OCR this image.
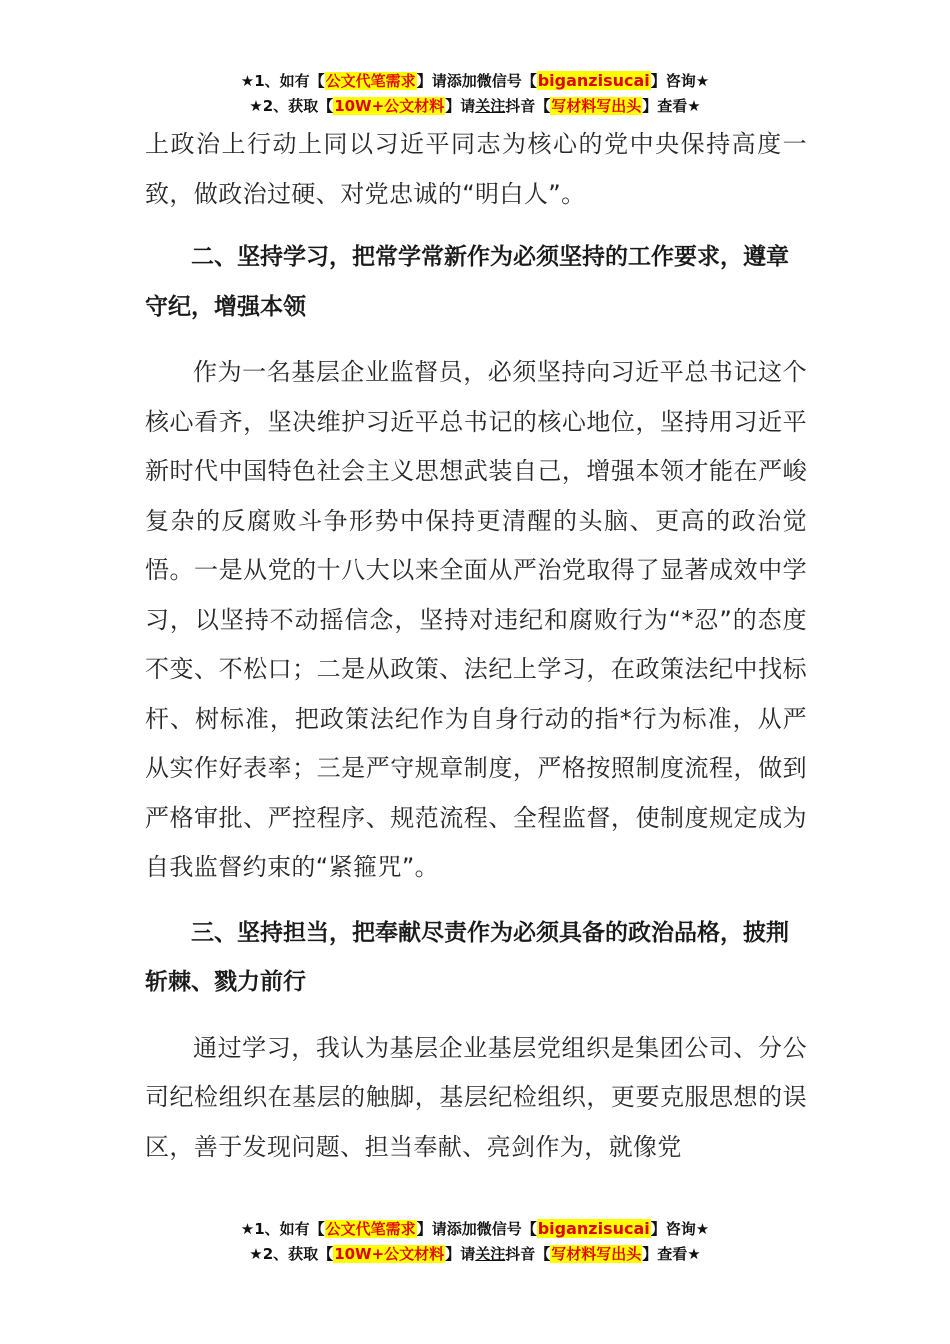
★1、如有【公文代笔需求】请添加微信号【biganzisucai】咨询★
★2、获取【10W+公文材料】请关注抖音【写材料写出头】查看★

上政治上行动上同以习近平同志为核心的党中央保持高度一致，做政治过硬、对党忠诚的“明白人”。

二、坚持学习，把常学常新作为必须坚持的工作要求，遵章守纪，增强本领

作为一名基层企业监督员，必须坚持向习近平总书记这个核心看齐，坚决维护习近平总书记的核心地位，坚持用习近平新时代中国特色社会主义思想武装自己，增强本领才能在严峻复杂的反腐败斗争形势中保持更清醒的头脑、更高的政治觉悟。一是从党的十八大以来全面从严治党取得了显著成效中学习，以坚持不动摇信念，坚持对违纪和腐败行为“*忍”的态度不变、不松口；二是从政策、法纪上学习，在政策法纪中找标杆、树标准，把政策法纪作为自身行动的指*行为标准，从严从实作好表率；三是严守规章制度，严格按照制度流程，做到严格审批、严控程序、规范流程、全程监督，使制度规定成为自我监督约束的“紧箍咒”。

三、坚持担当，把奉献尽责作为必须具备的政治品格，披荆斩棘、戮力前行

通过学习，我认为基层企业基层党组织是集团公司、分公司纪检组织在基层的触脚，基层纪检组织，更要克服思想的误区，善于发现问题、担当奉献、亮剑作为，就像党

★1、如有【公文代笔需求】请添加微信号【biganzisucai】咨询★
★2、获取【10W+公文材料】请关注抖音【写材料写出头】查看★
